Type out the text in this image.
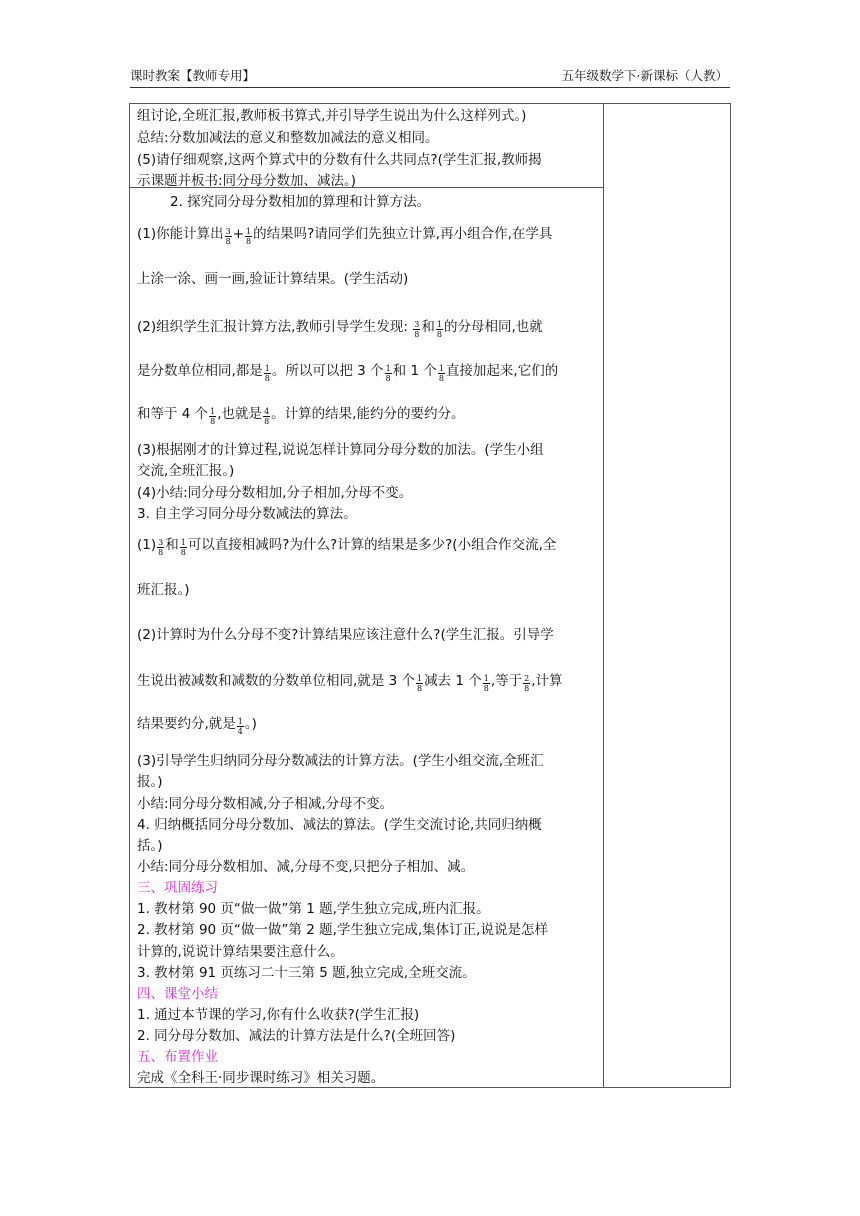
课时教案【教师专用】	五年级数学下·新课标（人教）
组讨论,全班汇报,教师板书算式,并引导学生说出为什么这样列式。)
总结:分数加减法的意义和整数加减法的意义相同。
(5)请仔细观察,这两个算式中的分数有什么共同点?(学生汇报,教师揭
示课题并板书:同分母分数加、减法。)
2. 探究同分母分数相加的算理和计算方法。
(1)你能计算出 $\frac{3}{8} + \frac{1}{8}$ 的结果吗?请同学们先独立计算,再小组合作,在学具
上涂一涂、画一画,验证计算结果。(学生活动)
(2)组织学生汇报计算方法,教师引导学生发现: $\frac{3}{8}$ 和 $\frac{1}{8}$ 的分母相同,也就
是分数单位相同,都是 $\frac{1}{8}$ 。所以可以把 3 个 $\frac{1}{8}$ 和 1 个 $\frac{1}{8}$ 直接加起来,它们的
和等于 4 个 $\frac{1}{8}$ ,也就是 $\frac{4}{8}$ 。计算的结果,能约分的要约分。
(3)根据刚才的计算过程,说说怎样计算同分母分数的加法。(学生小组
交流,全班汇报。)
(4)小结:同分母分数相加,分子相加,分母不变。
3. 自主学习同分母分数减法的算法。
$(1) \frac{3}{8}$ 和 $\frac{1}{8}$ 可以直接相减吗?为什么?计算的结果是多少?(小组合作交流,全
班汇报。)
(2)计算时为什么分母不变?计算结果应该注意什么?(学生汇报。引导学
生说出被减数和减数的分数单位相同,就是 3 个 $\frac{1}{8}$ 减去 1 个 $\frac{1}{8}$ ,等于 $\frac{2}{8}$ ,计算
结果要约分,就是 $\frac{1}{4}$ 。)
(3)引导学生归纳同分母分数减法的计算方法。(学生小组交流,全班汇
报。)
小结:同分母分数相减,分子相减,分母不变。
4. 归纳概括同分母分数加、减法的算法。(学生交流讨论,共同归纳概
括。)
小结:同分母分数相加、减,分母不变,只把分子相加、减。
三、巩固练习
1. 教材第 90 页“做一做”第 1 题,学生独立完成,班内汇报。
2. 教材第 90 页“做一做”第 2 题,学生独立完成,集体订正,说说是怎样
计算的,说说计算结果要注意什么。
3. 教材第 91 页练习二十三第 5 题,独立完成,全班交流。
四、课堂小结
1. 通过本节课的学习,你有什么收获?(学生汇报)
2. 同分母分数加、减法的计算方法是什么?(全班回答)
五、布置作业
完成《全科王·同步课时练习》相关习题。
